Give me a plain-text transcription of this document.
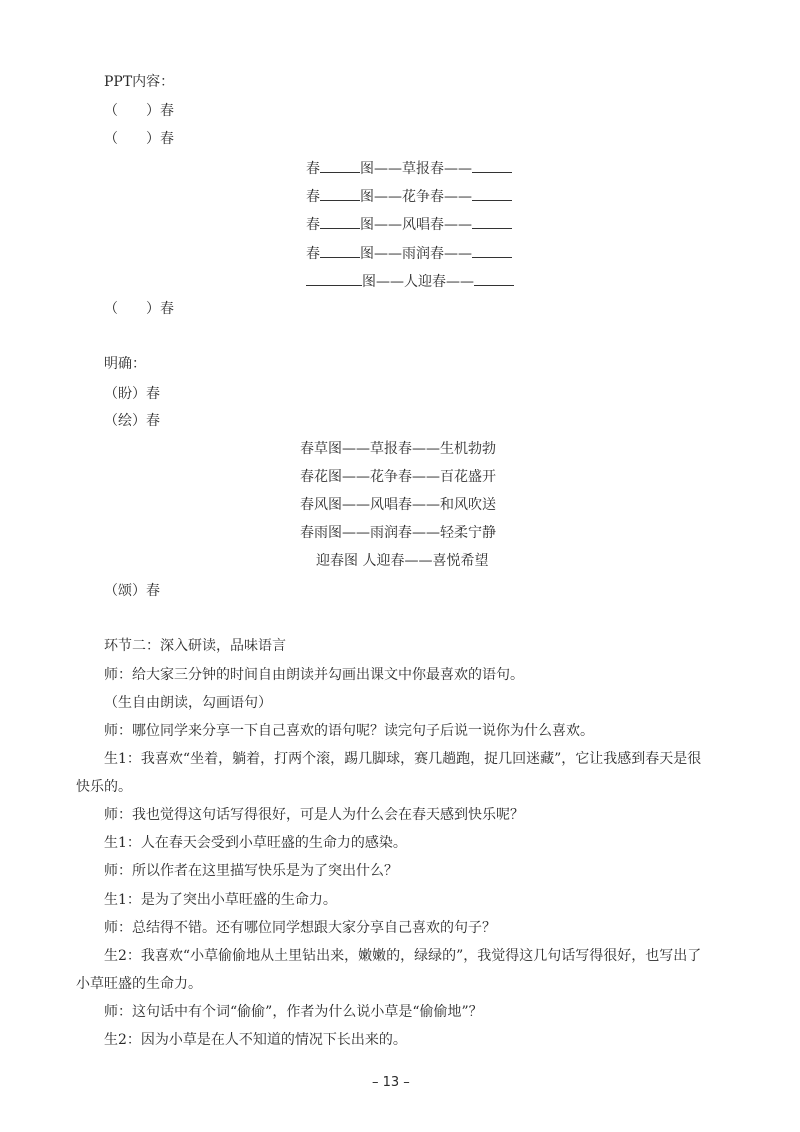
PPT内容：
（　　）春
（　　）春
春	图——草报春——
春	图——花争春——
春	图——风唱春——
春	图——雨润春——
图——人迎春——
（　　）春
明确：
（盼）春
（绘）春
春草图——草报春——生机勃勃
春花图——花争春——百花盛开
春风图——风唱春——和风吹送
春雨图——雨润春——轻柔宁静
迎春图 人迎春——喜悦希望
（颂）春
环节二：深入研读，品味语言
师：给大家三分钟的时间自由朗读并勾画出课文中你最喜欢的语句。
（生自由朗读，勾画语句）
师：哪位同学来分享一下自己喜欢的语句呢？读完句子后说一说你为什么喜欢。
生1：我喜欢“坐着，躺着，打两个滚，踢几脚球，赛几趟跑，捉几回迷藏”，它让我感到春天是很
快乐的。
师：我也觉得这句话写得很好，可是人为什么会在春天感到快乐呢？
生1：人在春天会受到小草旺盛的生命力的感染。
师：所以作者在这里描写快乐是为了突出什么？
生1：是为了突出小草旺盛的生命力。
师：总结得不错。还有哪位同学想跟大家分享自己喜欢的句子？
生2：我喜欢“小草偷偷地从土里钻出来，嫩嫩的，绿绿的”，我觉得这几句话写得很好，也写出了
小草旺盛的生命力。
师：这句话中有个词“偷偷”，作者为什么说小草是“偷偷地”？
生2：因为小草是在人不知道的情况下长出来的。
– 13 –
